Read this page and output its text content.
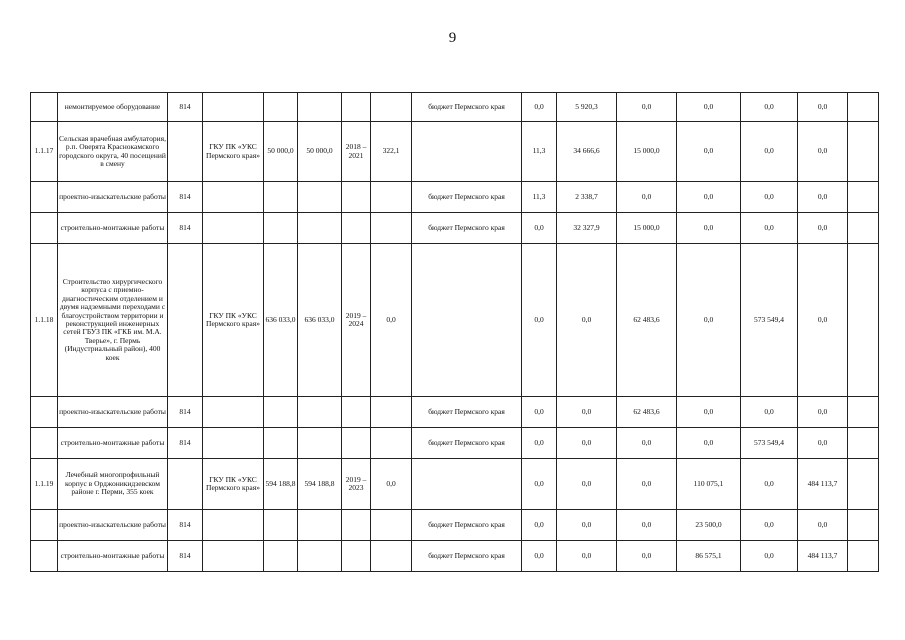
9
	немонтируемое оборудование	814						бюджет Пермского края	0,0	5 920,3	0,0	0,0	0,0	0,0	
1.1.17	Сельская врачебная амбулатория, р.п. Оверята Краснокамского городского округа, 40 посещений в смену		ГКУ ПК «УКС Пермского края»	50 000,0	50 000,0	2018 – 2021	322,1		11,3	34 666,6	15 000,0	0,0	0,0	0,0	
	проектно-изыскательские работы	814						бюджет Пермского края	11,3	2 338,7	0,0	0,0	0,0	0,0	
	строительно-монтажные работы	814						бюджет Пермского края	0,0	32 327,9	15 000,0	0,0	0,0	0,0	
1.1.18	Строительство хирургического корпуса с приемно-диагностическим отделением и двумя надземными переходами с благоустройством территории и реконструкцией инженерных сетей ГБУЗ ПК «ГКБ им. М.А. Тверье», г. Пермь (Индустриальный район), 400 коек		ГКУ ПК «УКС Пермского края»	636 033,0	636 033,0	2019 – 2024	0,0		0,0	0,0	62 483,6	0,0	573 549,4	0,0	
	проектно-изыскательские работы	814						бюджет Пермского края	0,0	0,0	62 483,6	0,0	0,0	0,0	
	строительно-монтажные работы	814						бюджет Пермского края	0,0	0,0	0,0	0,0	573 549,4	0,0	
1.1.19	Лечебный многопрофильный корпус в Орджоникидзевском районе г. Перми, 355 коек		ГКУ ПК «УКС Пермского края»	594 188,8	594 188,8	2019 – 2023	0,0		0,0	0,0	0,0	110 075,1	0,0	484 113,7	
	проектно-изыскательские работы	814						бюджет Пермского края	0,0	0,0	0,0	23 500,0	0,0	0,0	
	строительно-монтажные работы	814						бюджет Пермского края	0,0	0,0	0,0	86 575,1	0,0	484 113,7	
